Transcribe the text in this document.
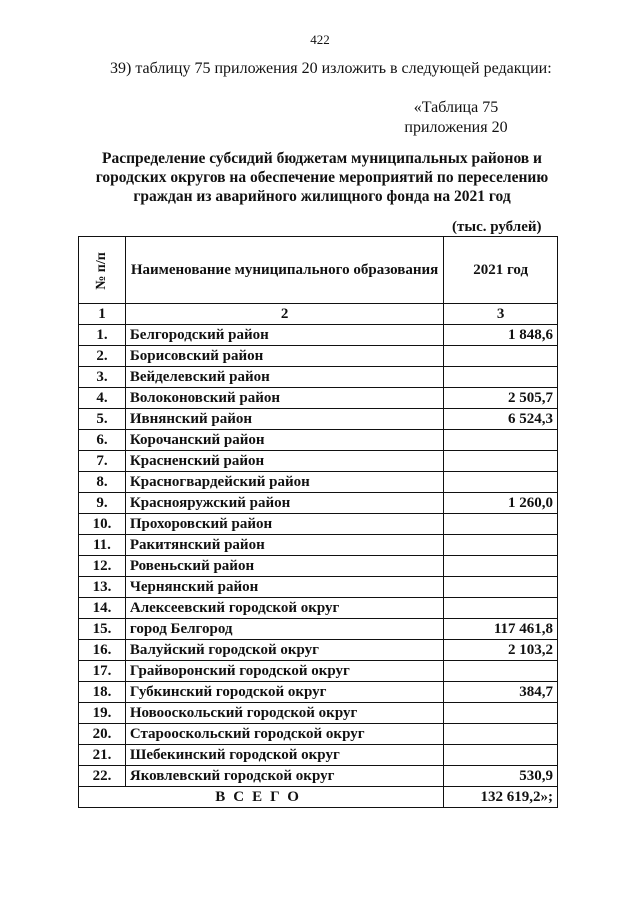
422
39) таблицу 75 приложения 20 изложить в следующей редакции:
«Таблица 75
приложения 20
Распределение субсидий бюджетам муниципальных районов и городских округов на обеспечение мероприятий по переселению граждан из аварийного жилищного фонда на 2021 год
(тыс. рублей)
№ п/п	Наименование муниципального образования	2021 год
1	2	3
1.	Белгородский район	1 848,6
2.	Борисовский район	
3.	Вейделевский район	
4.	Волоконовский район	2 505,7
5.	Ивнянский район	6 524,3
6.	Корочанский район	
7.	Красненский район	
8.	Красногвардейский район	
9.	Краснояружский район	1 260,0
10.	Прохоровский район	
11.	Ракитянский район	
12.	Ровеньский район	
13.	Чернянский район	
14.	Алексеевский городской округ	
15.	город Белгород	117 461,8
16.	Валуйский городской округ	2 103,2
17.	Грайворонский городской округ	
18.	Губкинский городской округ	384,7
19.	Новооскольский городской округ	
20.	Старооскольский городской округ	
21.	Шебекинский городской округ	
22.	Яковлевский городской округ	530,9
ВСЕГО		132 619,2»;
